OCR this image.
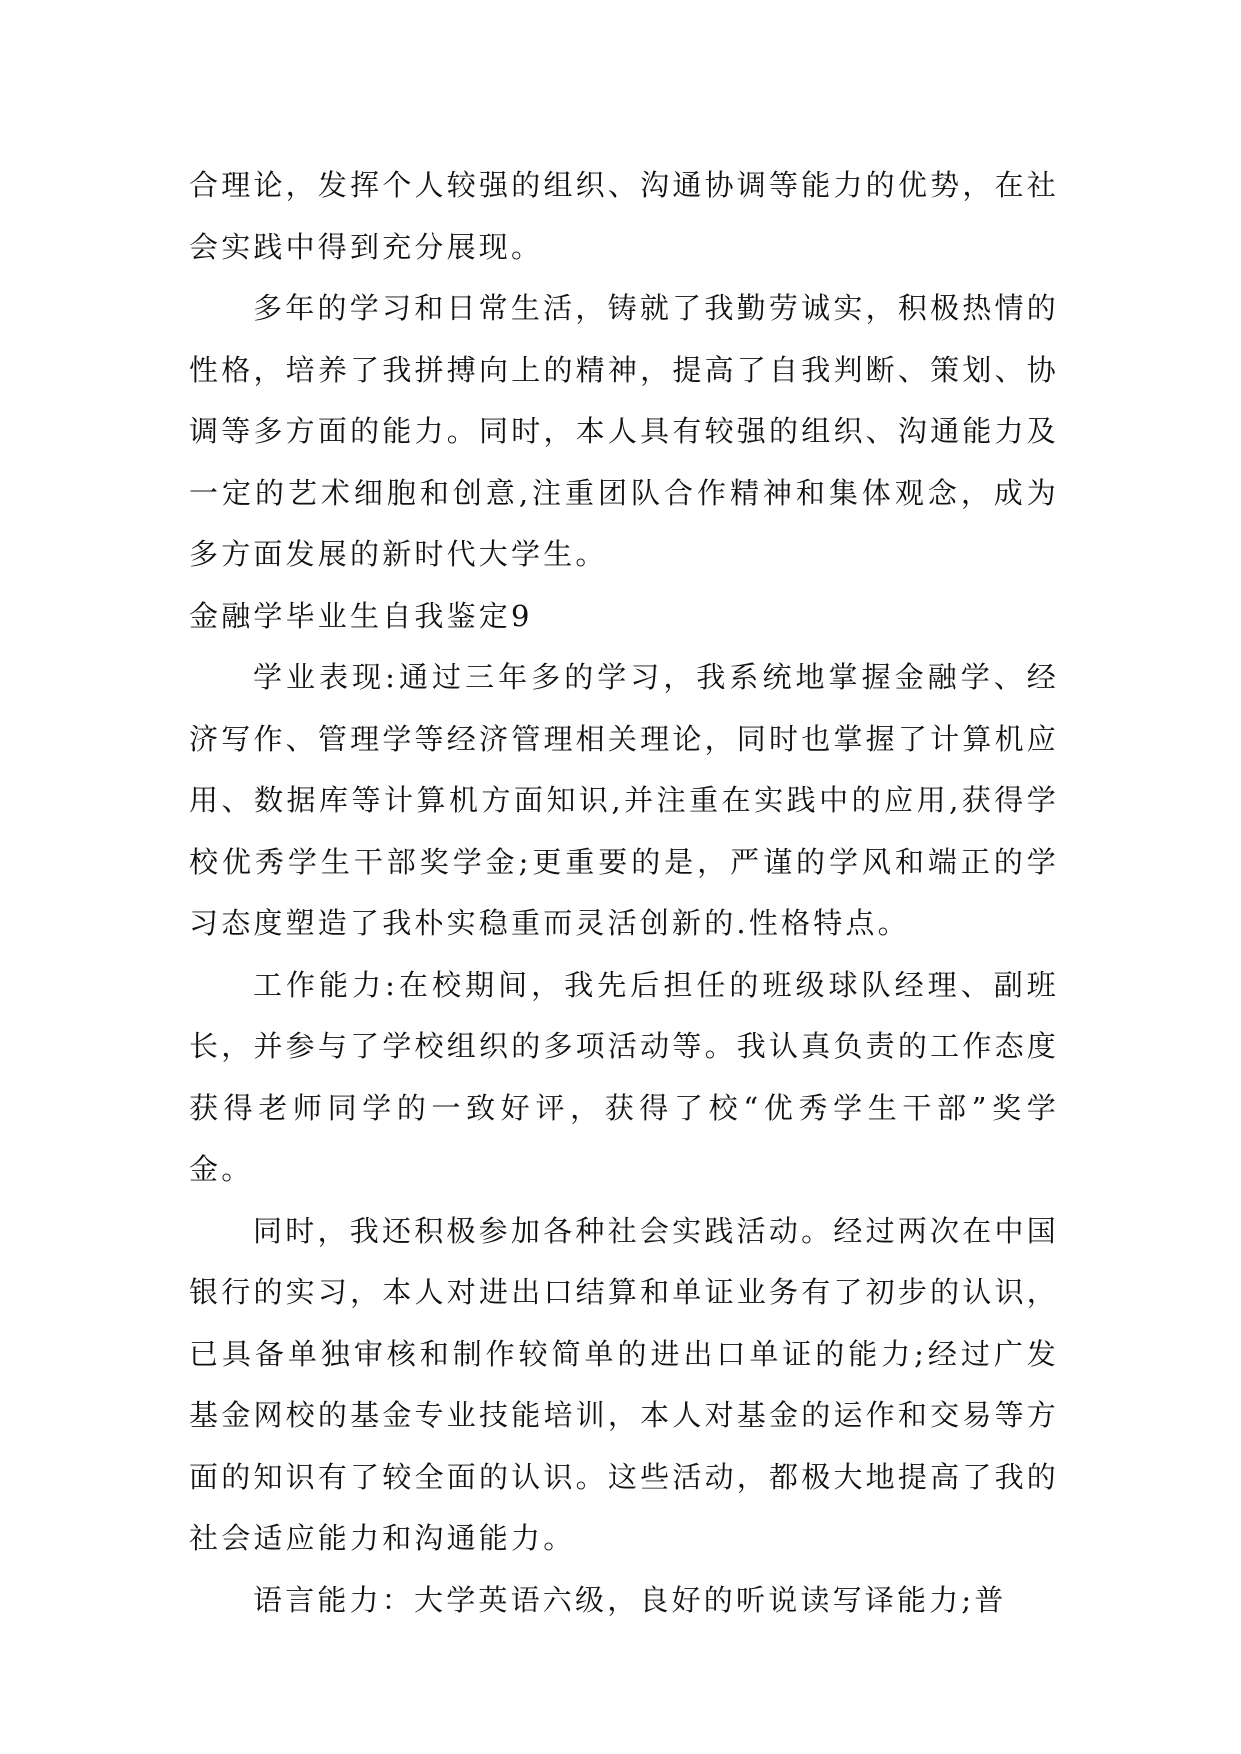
合理论，发挥个人较强的组织、沟通协调等能力的优势，在社会实践中得到充分展现。

多年的学习和日常生活，铸就了我勤劳诚实，积极热情的性格，培养了我拼搏向上的精神，提高了自我判断、策划、协调等多方面的能力。同时，本人具有较强的组织、沟通能力及一定的艺术细胞和创意,注重团队合作精神和集体观念，成为多方面发展的新时代大学生。

金融学毕业生自我鉴定9

学业表现:通过三年多的学习，我系统地掌握金融学、经济写作、管理学等经济管理相关理论，同时也掌握了计算机应用、数据库等计算机方面知识,并注重在实践中的应用,获得学校优秀学生干部奖学金;更重要的是，严谨的学风和端正的学习态度塑造了我朴实稳重而灵活创新的.性格特点。

工作能力:在校期间，我先后担任的班级球队经理、副班长，并参与了学校组织的多项活动等。我认真负责的工作态度获得老师同学的一致好评，获得了校“优秀学生干部”奖学金。

同时，我还积极参加各种社会实践活动。经过两次在中国银行的实习，本人对进出口结算和单证业务有了初步的认识，已具备单独审核和制作较简单的进出口单证的能力;经过广发基金网校的基金专业技能培训，本人对基金的运作和交易等方面的知识有了较全面的认识。这些活动，都极大地提高了我的社会适应能力和沟通能力。

语言能力：大学英语六级，良好的听说读写译能力;普
